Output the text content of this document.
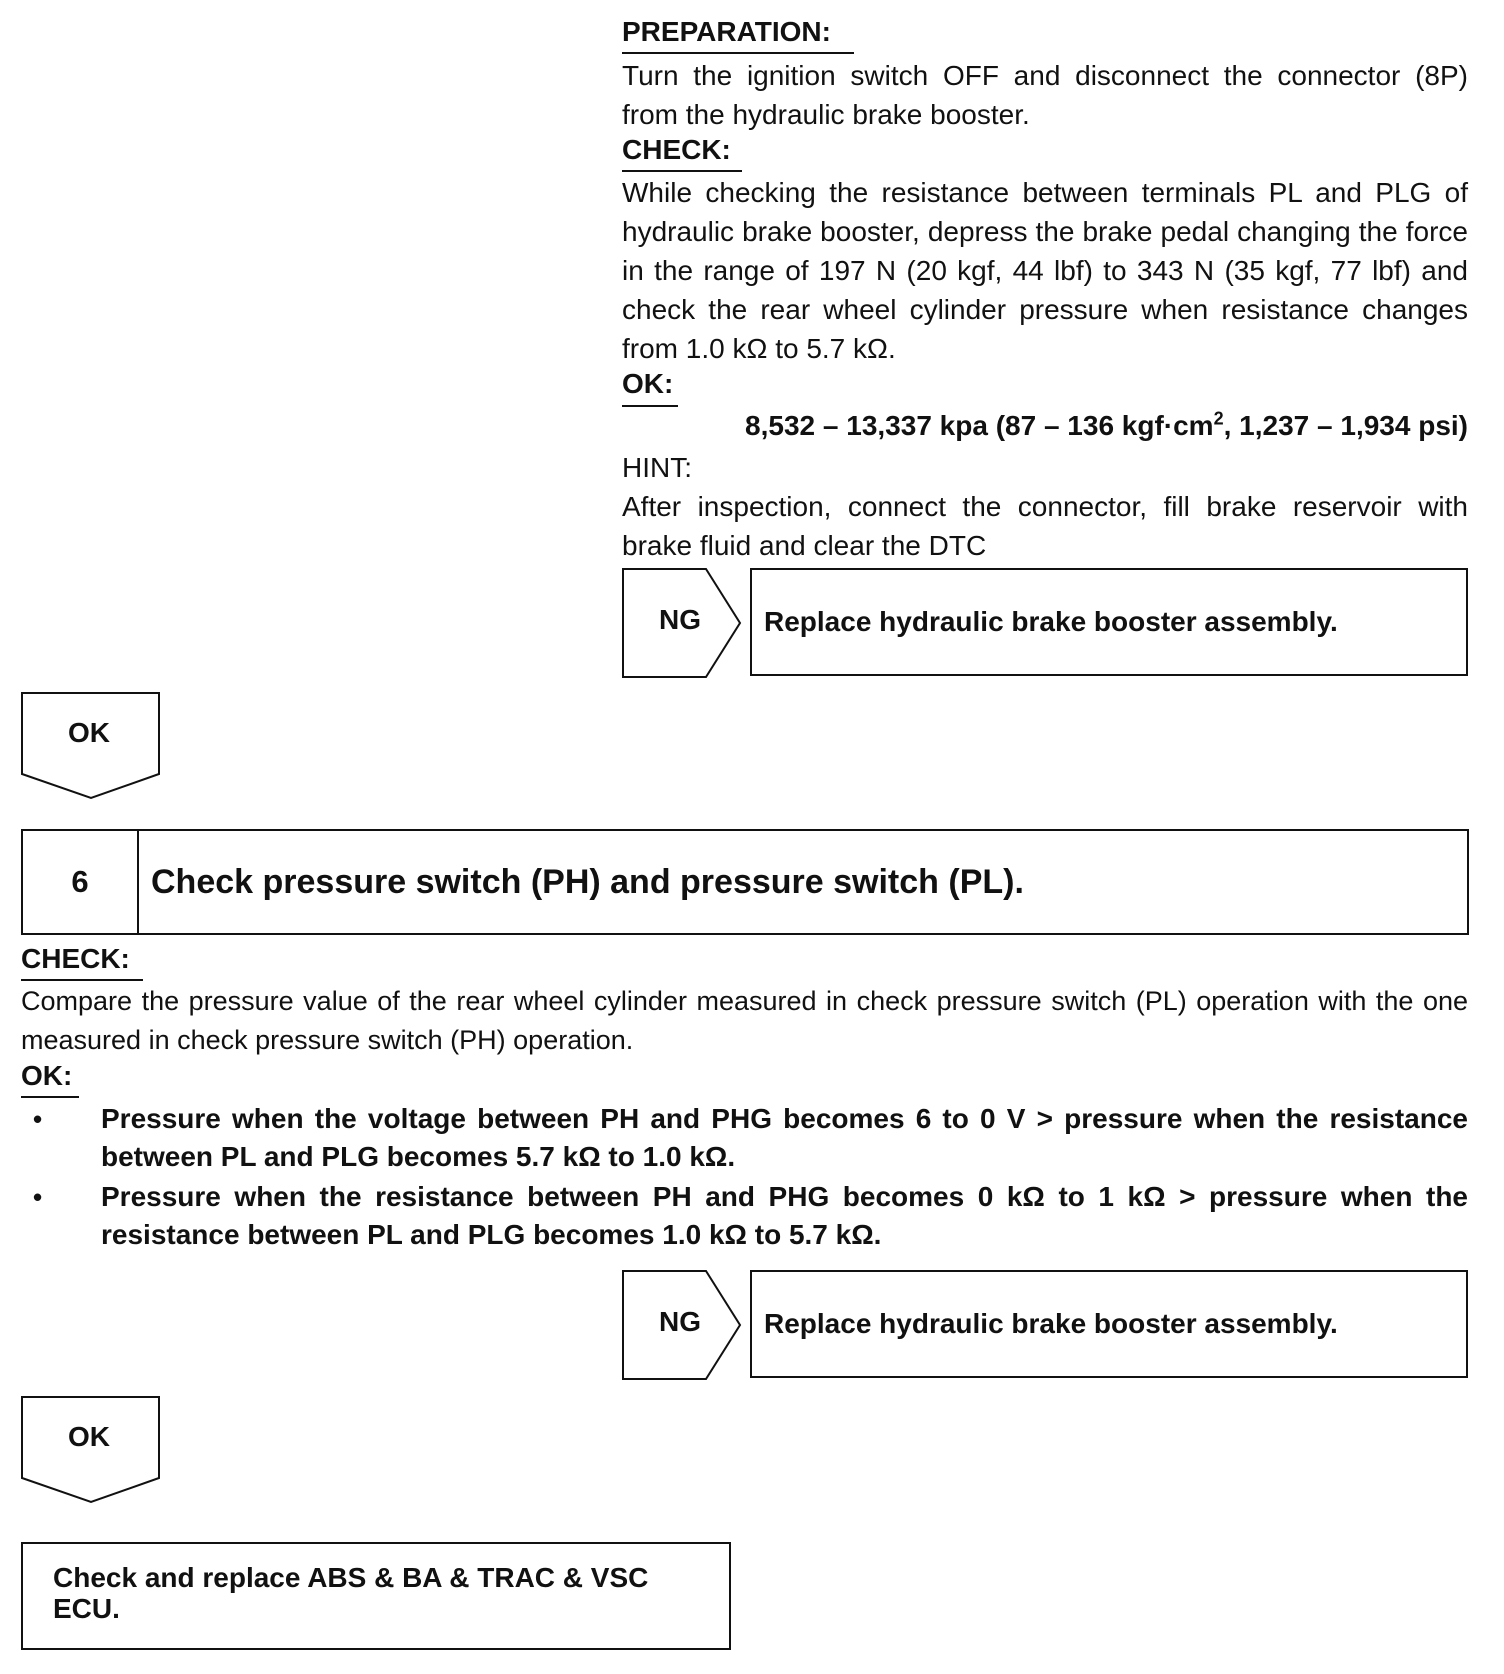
PREPARATION:
Turn the ignition switch OFF and disconnect the connector (8P) from the hydraulic brake booster.
CHECK:
While checking the resistance between terminals PL and PLG of hydraulic brake booster, depress the brake pedal changing the force in the range of 197 N (20 kgf, 44 lbf) to 343 N (35 kgf, 77 lbf) and check the rear wheel cylinder pressure when resistance changes from 1.0 kΩ to 5.7 kΩ.
OK:
8,532 – 13,337 kpa (87 – 136 $kgf\cdot cm^2$, 1,237 – 1,934 psi)
HINT:
After inspection, connect the connector, fill brake reservoir with brake fluid and clear the DTC
NG	Replace hydraulic brake booster assembly.
OK
6	Check pressure switch (PH) and pressure switch (PL).
CHECK:
Compare the pressure value of the rear wheel cylinder measured in check pressure switch (PL) operation with the one measured in check pressure switch (PH) operation.
OK:
• Pressure when the voltage between PH and PHG becomes 6 to 0 V > pressure when the resistance between PL and PLG becomes 5.7 kΩ to 1.0 kΩ.
• Pressure when the resistance between PH and PHG becomes 0 kΩ to 1 kΩ > pressure when the resistance between PL and PLG becomes 1.0 kΩ to 5.7 kΩ.
NG	Replace hydraulic brake booster assembly.
OK
Check and replace ABS & BA & TRAC & VSC ECU.
